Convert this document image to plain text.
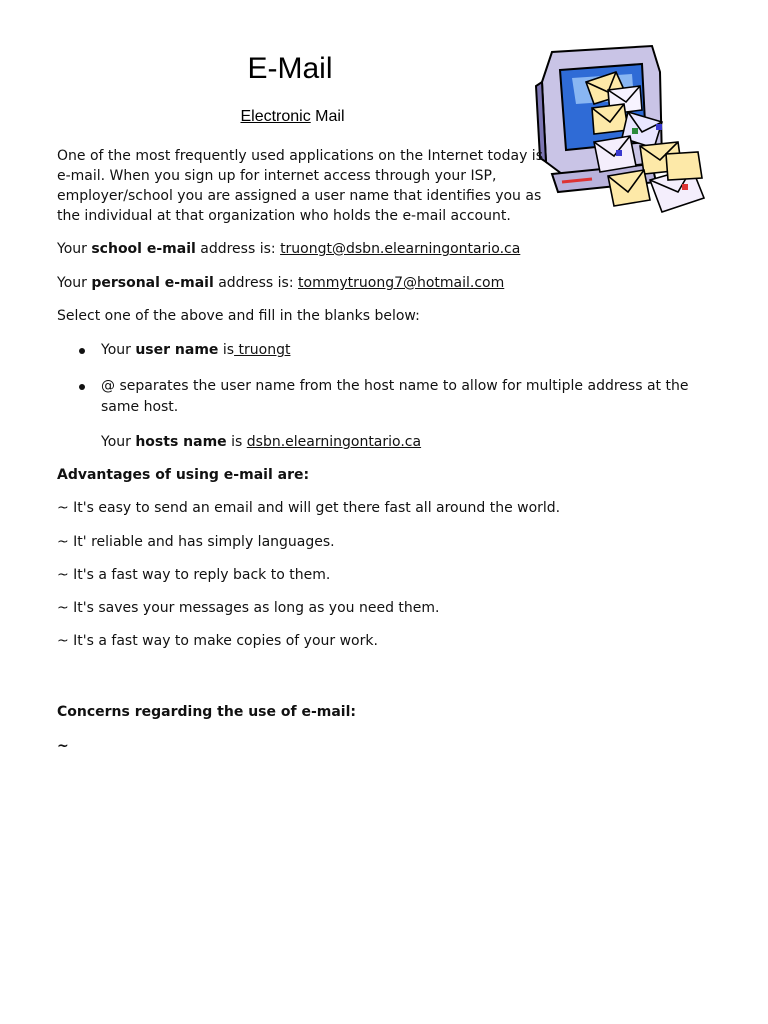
E-Mail
Electronic Mail

One of the most frequently used applications on the Internet today is e-mail. When you sign up for internet access through your ISP, employer/school you are assigned a user name that identifies you as the individual at that organization who holds the e-mail account.

Your school e-mail address is: truongt@dsbn.elearningontario.ca

Your personal e-mail address is: tommytruong7@hotmail.com

Select one of the above and fill in the blanks below:

Your user name is truongt

@ separates the user name from the host name to allow for multiple address at the same host.

Your hosts name is dsbn.elearningontario.ca

Advantages of using e-mail are:

~ It's easy to send an email and will get there fast all around the world.

~ It' reliable and has simply languages.

~ It's a fast way to reply back to them.

~ It's saves your messages as long as you need them.

~ It's a fast way to make copies of your work.

Concerns regarding the use of e-mail:

~
